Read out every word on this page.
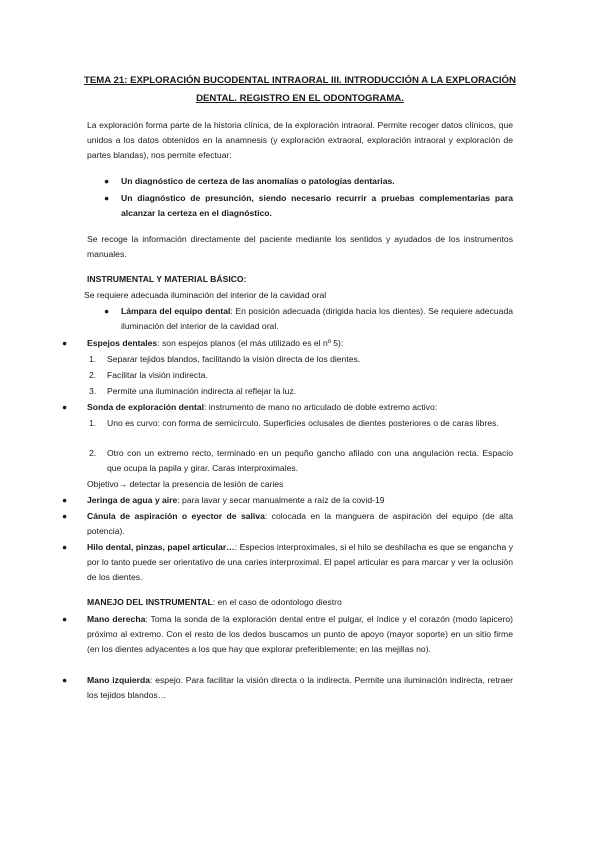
TEMA 21: EXPLORACIÓN BUCODENTAL INTRAORAL III. INTRODUCCIÓN A LA EXPLORACIÓN DENTAL. REGISTRO EN EL ODONTOGRAMA.
La exploración forma parte de la historia clínica, de la exploración intraoral. Permite recoger datos clínicos, que unidos a los datos obtenidos en la anamnesis (y exploración extraoral, exploración intraoral y exploración de partes blandas), nos permite efectuar:
● Un diagnóstico de certeza de las anomalías o patologías dentarias.
● Un diagnóstico de presunción, siendo necesario recurrir a pruebas complementarias para alcanzar la certeza en el diagnóstico.
Se recoge la información directamente del paciente mediante los sentidos y ayudados de los instrumentos manuales.
INSTRUMENTAL Y MATERIAL BÁSICO:
Se requiere adecuada iluminación del interior de la cavidad oral
● Lámpara del equipo dental: En posición adecuada (dirigida hacia los dientes). Se requiere adecuada iluminación del interior de la cavidad oral.
● Espejos dentales: son espejos planos (el más utilizado es el nº 5):
1. Separar tejidos blandos, facilitando la visión directa de los dientes.
2. Facilitar la visión indirecta.
3. Permite una iluminación indirecta al reflejar la luz.
● Sonda de exploración dental: instrumento de mano no articulado de doble extremo activo:
1. Uno es curvo: con forma de semicírculo. Superficies oclusales de dientes posteriores o de caras libres.
2. Otro con un extremo recto, terminado en un pequño gancho afilado con una angulación recta. Espacio que ocupa la papila y girar. Caras interproximales.
Objetivo→ detectar la presencia de lesión de caries
● Jeringa de agua y aire: para lavar y secar manualmente a raíz de la covid-19
● Cánula de aspiración o eyector de saliva: colocada en la manguera de aspiración del equipo (de alta potencia).
● Hilo dental, pinzas, papel articular…: Especios interproximales, si el hilo se deshilacha es que se engancha y por lo tanto puede ser orientativo de una caries interproximal. El papel articular es para marcar y ver la oclusión de los dientes.
MANEJO DEL INSTRUMENTAL: en el caso de odontologo diestro
● Mano derecha: Toma la sonda de la exploración dental entre el pulgar, el índice y el corazón (modo lapicero) próximo al extremo. Con el resto de los dedos buscamos un punto de apoyo (mayor soporte) en un sitio firme (en los dientes adyacentes a los que hay que explorar preferiblemente; en las mejillas no).
● Mano izquierda: espejo. Para facilitar la visión directa o la indirecta. Permite una iluminación indirecta, retraer los tejidos blandos…
